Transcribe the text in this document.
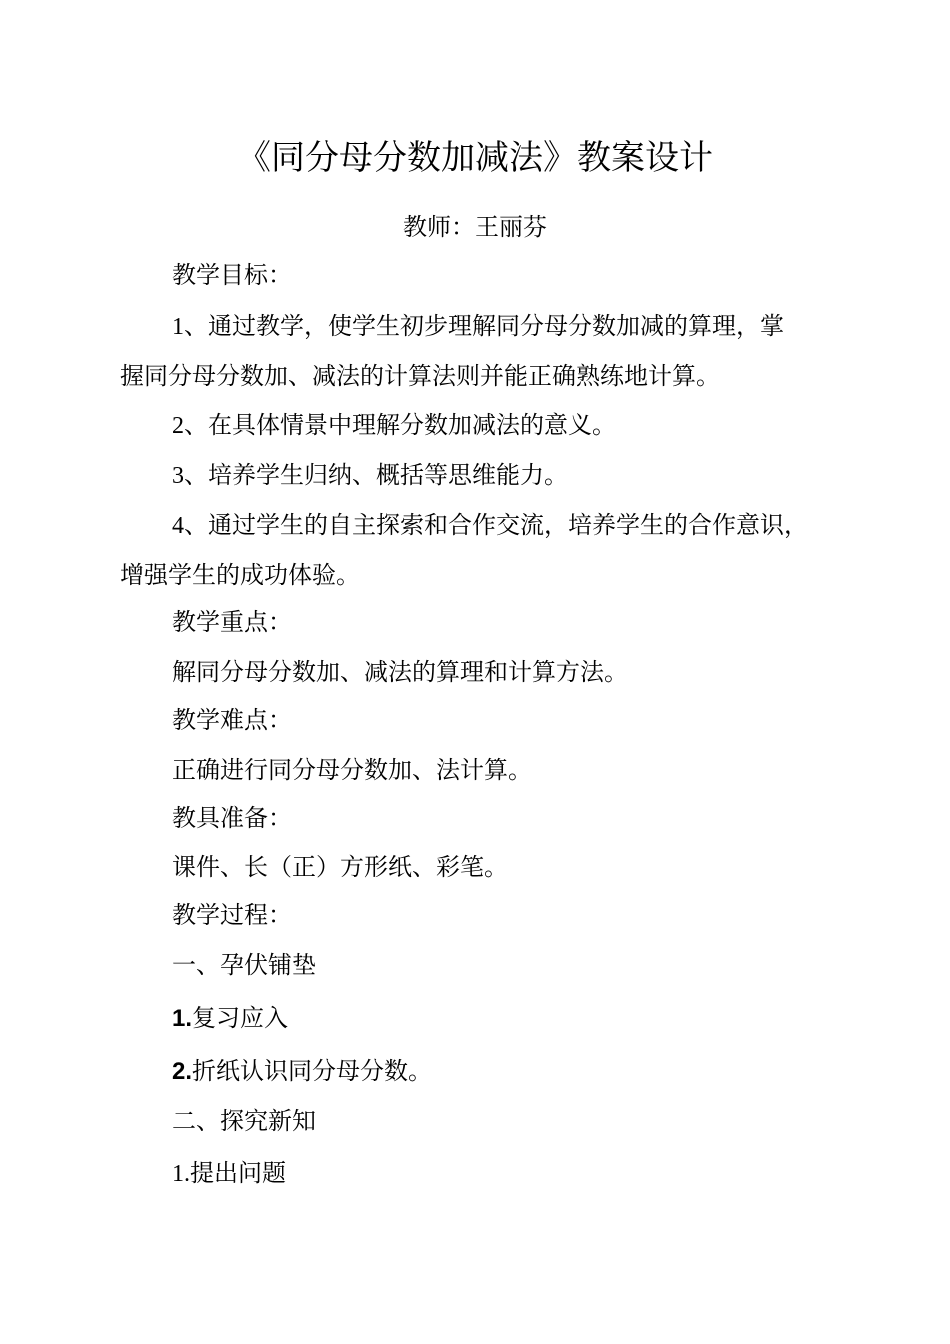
《同分母分数加减法》教案设计
教师：王丽芬
教学目标：
1、通过教学，使学生初步理解同分母分数加减的算理，掌
握同分母分数加、减法的计算法则并能正确熟练地计算。
2、在具体情景中理解分数加减法的意义。
3、培养学生归纳、概括等思维能力。
4、通过学生的自主探索和合作交流，培养学生的合作意识，
增强学生的成功体验。
教学重点：
解同分母分数加、减法的算理和计算方法。
教学难点：
正确进行同分母分数加、法计算。
教具准备：
课件、长（正）方形纸、彩笔。
教学过程：
一、孕伏铺垫
1.复习应入
2.折纸认识同分母分数。
二、探究新知
1.提出问题
